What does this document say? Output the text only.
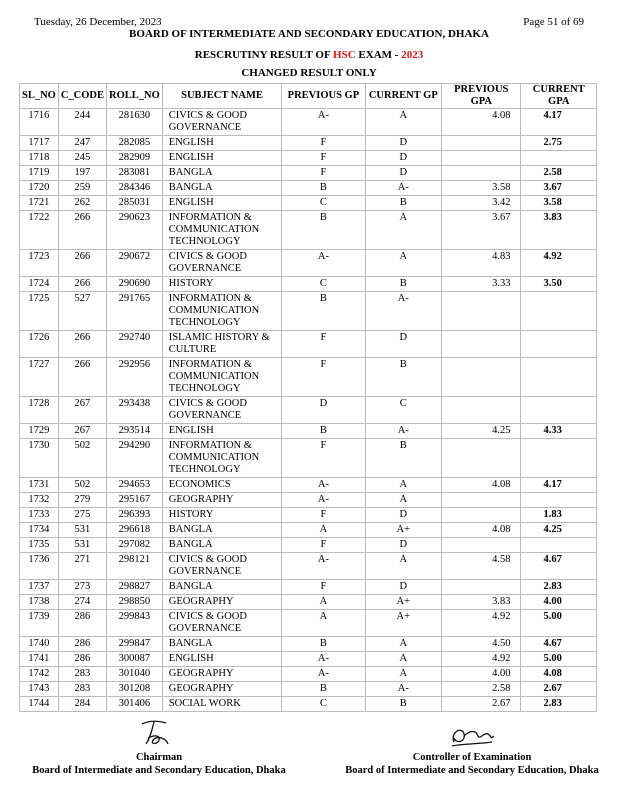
Tuesday, 26 December, 2023	Page 51 of 69
BOARD OF INTERMEDIATE AND SECONDARY EDUCATION, DHAKA
RESCRUTINY RESULT OF HSC EXAM - 2023
CHANGED RESULT ONLY
SL_NO	C_CODE	ROLL_NO	SUBJECT NAME	PREVIOUS GP	CURRENT GP	PREVIOUS GPA	CURRENT GPA
1716	244	281630	CIVICS & GOOD GOVERNANCE	A-	A	4.08	4.17
1717	247	282085	ENGLISH	F	D		2.75
1718	245	282909	ENGLISH	F	D		
1719	197	283081	BANGLA	F	D		2.58
1720	259	284346	BANGLA	B	A-	3.58	3.67
1721	262	285031	ENGLISH	C	B	3.42	3.58
1722	266	290623	INFORMATION & COMMUNICATION TECHNOLOGY	B	A	3.67	3.83
1723	266	290672	CIVICS & GOOD GOVERNANCE	A-	A	4.83	4.92
1724	266	290690	HISTORY	C	B	3.33	3.50
1725	527	291765	INFORMATION & COMMUNICATION TECHNOLOGY	B	A-		
1726	266	292740	ISLAMIC HISTORY & CULTURE	F	D		
1727	266	292956	INFORMATION & COMMUNICATION TECHNOLOGY	F	B		
1728	267	293438	CIVICS & GOOD GOVERNANCE	D	C		
1729	267	293514	ENGLISH	B	A-	4.25	4.33
1730	502	294290	INFORMATION & COMMUNICATION TECHNOLOGY	F	B		
1731	502	294653	ECONOMICS	A-	A	4.08	4.17
1732	279	295167	GEOGRAPHY	A-	A		
1733	275	296393	HISTORY	F	D		1.83
1734	531	296618	BANGLA	A	A+	4.08	4.25
1735	531	297082	BANGLA	F	D		
1736	271	298121	CIVICS & GOOD GOVERNANCE	A-	A	4.58	4.67
1737	273	298827	BANGLA	F	D		2.83
1738	274	298850	GEOGRAPHY	A	A+	3.83	4.00
1739	286	299843	CIVICS & GOOD GOVERNANCE	A	A+	4.92	5.00
1740	286	299847	BANGLA	B	A	4.50	4.67
1741	286	300087	ENGLISH	A-	A	4.92	5.00
1742	283	301040	GEOGRAPHY	A-	A	4.00	4.08
1743	283	301208	GEOGRAPHY	B	A-	2.58	2.67
1744	284	301406	SOCIAL WORK	C	B	2.67	2.83
Chairman
Board of Intermediate and Secondary Education, Dhaka
Controller of Examination
Board of Intermediate and Secondary Education, Dhaka
